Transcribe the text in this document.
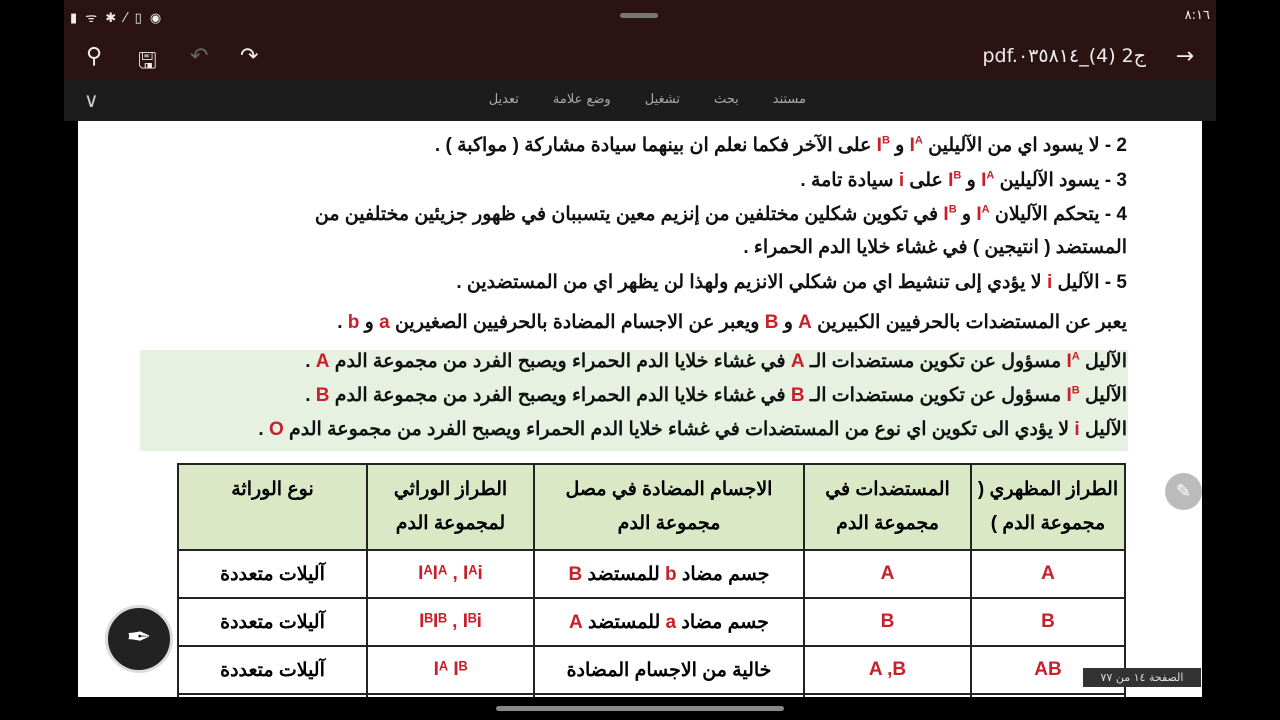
▮ ᯤ ✱ ⁄ ▯ ◉	٨:١٦
⚲ 🖫 ↶ ↷	pdf.٠٣٥٨١٤_(4) 2ج →
∨	مستند
بحث
تشغيل
وضع علامة
تعديل
2 - لا يسود اي من الآليلين $I^A$ و $I^B$ على الآخر فكما نعلم ان بينهما سيادة مشاركة ( مواكبة ) .
3 - يسود الآليلين $I^A$ و $I^B$ على i سيادة تامة .
4 - يتحكم الآليلان $I^A$ و $I^B$ في تكوين شكلين مختلفين من إنزيم معين يتسببان في ظهور جزيئين مختلفين من
المستضد ( انتيجين ) في غشاء خلايا الدم الحمراء .
5 - الآليل i لا يؤدي إلى تنشيط اي من شكلي الانزيم ولهذا لن يظهر اي من المستضدين .
يعبر عن المستضدات بالحرفيين الكبيرين A و B ويعبر عن الاجسام المضادة بالحرفيين الصغيرين a و b .
الآليل $I^A$ مسؤول عن تكوين مستضدات الـ A في غشاء خلايا الدم الحمراء ويصبح الفرد من مجموعة الدم A .
الآليل $I^B$ مسؤول عن تكوين مستضدات الـ B في غشاء خلايا الدم الحمراء ويصبح الفرد من مجموعة الدم B .
الآليل i لا يؤدي الى تكوين اي نوع من المستضدات في غشاء خلايا الدم الحمراء ويصبح الفرد من مجموعة الدم O .
الطراز المظهري ( مجموعة الدم )	المستضدات في مجموعة الدم	الاجسام المضادة في مصل مجموعة الدم	الطراز الوراثي لمجموعة الدم	نوع الوراثة
A	A	جسم مضاد b للمستضد B	IᴬIᴬ , Iᴬi	آليلات متعددة
B	B	جسم مضاد a للمستضد A	IᴮIᴮ , Iᴮi	آليلات متعددة
AB	A ,B	خالية من الاجسام المضادة	Iᴬ Iᴮ	آليلات متعددة

✒
✎
الصفحة ١٤ من ٧٧
